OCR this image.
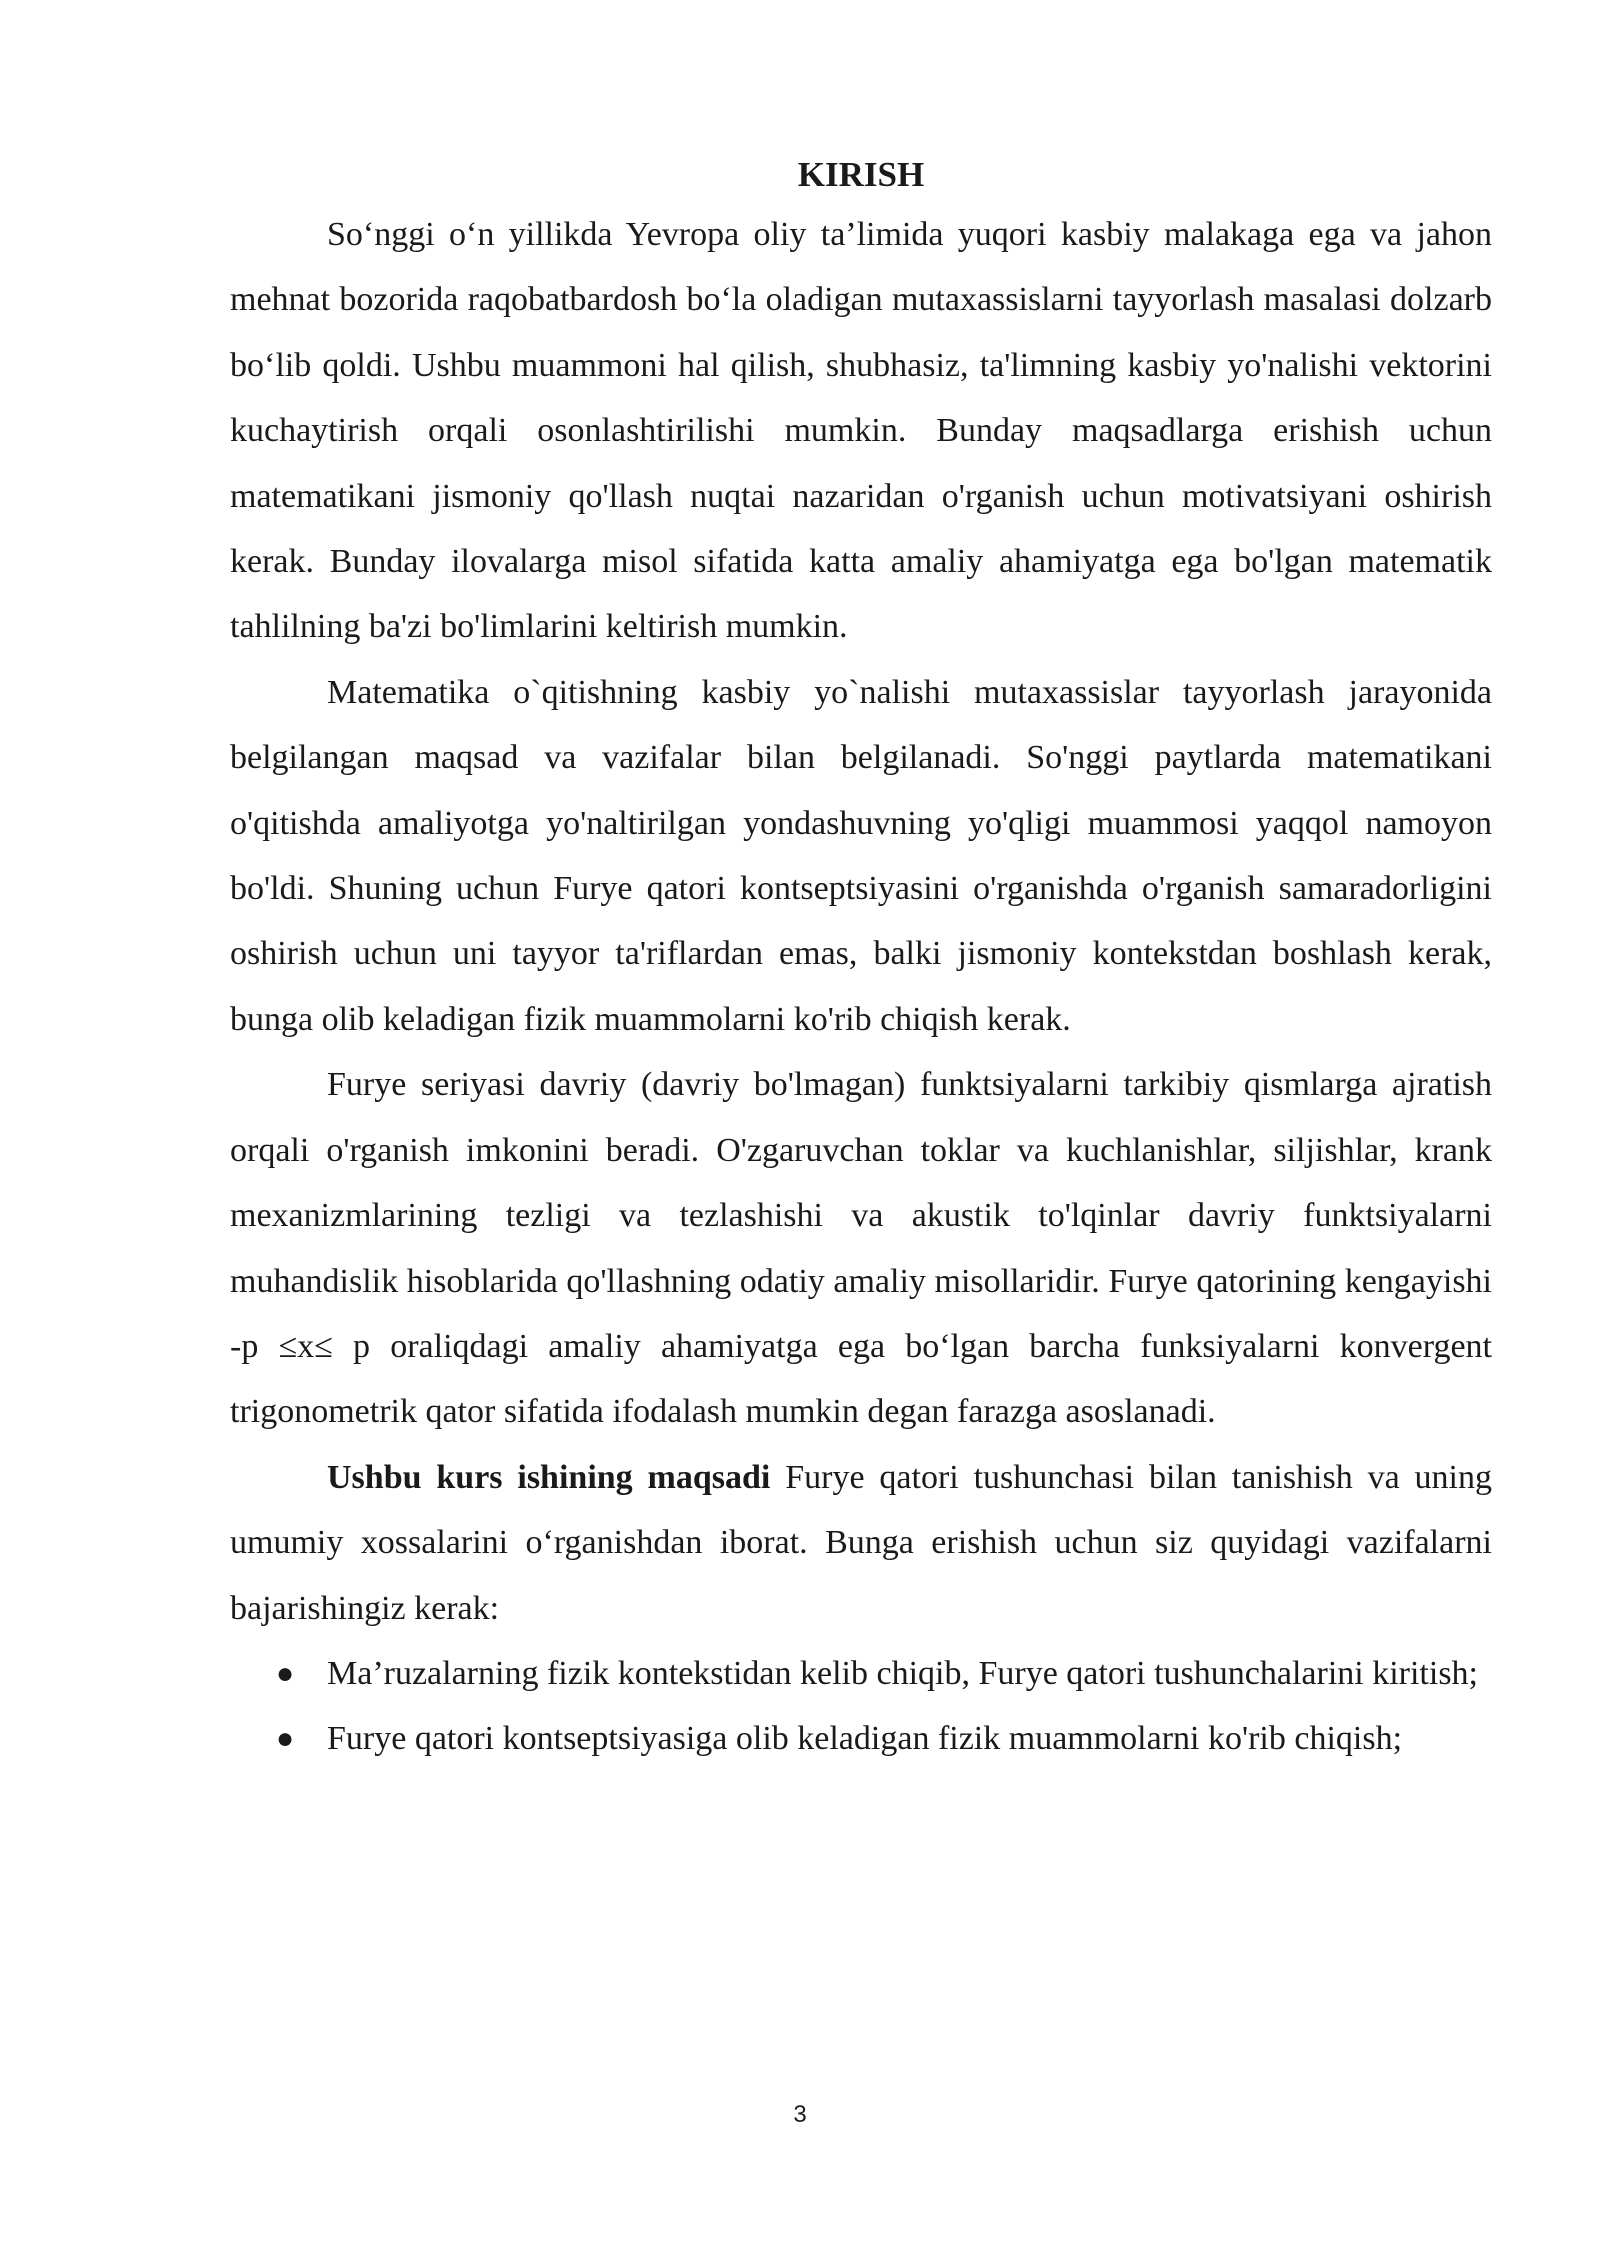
KIRISH

So‘nggi o‘n yillikda Yevropa oliy ta’limida yuqori kasbiy malakaga ega va jahon mehnat bozorida raqobatbardosh bo‘la oladigan mutaxassislarni tayyorlash masalasi dolzarb bo‘lib qoldi. Ushbu muammoni hal qilish, shubhasiz, ta'limning kasbiy yo'nalishi vektorini kuchaytirish orqali osonlashtirilishi mumkin. Bunday maqsadlarga erishish uchun matematikani jismoniy qo'llash nuqtai nazaridan o'rganish uchun motivatsiyani oshirish kerak. Bunday ilovalarga misol sifatida katta amaliy ahamiyatga ega bo'lgan matematik tahlilning ba'zi bo'limlarini keltirish mumkin.

Matematika o`qitishning kasbiy yo`nalishi mutaxassislar tayyorlash jarayonida belgilangan maqsad va vazifalar bilan belgilanadi. So'nggi paytlarda matematikani o'qitishda amaliyotga yo'naltirilgan yondashuvning yo'qligi muammosi yaqqol namoyon bo'ldi. Shuning uchun Furye qatori kontseptsiyasini o'rganishda o'rganish samaradorligini oshirish uchun uni tayyor ta'riflardan emas, balki jismoniy kontekstdan boshlash kerak, bunga olib keladigan fizik muammolarni ko'rib chiqish kerak.

Furye seriyasi davriy (davriy bo'lmagan) funktsiyalarni tarkibiy qismlarga ajratish orqali o'rganish imkonini beradi. O'zgaruvchan toklar va kuchlanishlar, siljishlar, krank mexanizmlarining tezligi va tezlashishi va akustik to'lqinlar davriy funktsiyalarni muhandislik hisoblarida qo'llashning odatiy amaliy misollaridir. Furye qatorining kengayishi -p ≤x≤ p oraliqdagi amaliy ahamiyatga ega bo‘lgan barcha funksiyalarni konvergent trigonometrik qator sifatida ifodalash mumkin degan farazga asoslanadi.

Ushbu kurs ishining maqsadi Furye qatori tushunchasi bilan tanishish va uning umumiy xossalarini o‘rganishdan iborat. Bunga erishish uchun siz quyidagi vazifalarni bajarishingiz kerak:

● Ma’ruzalarning fizik kontekstidan kelib chiqib, Furye qatori tushunchalarini kiritish;
● Furye qatori kontseptsiyasiga olib keladigan fizik muammolarni ko'rib chiqish;
3
